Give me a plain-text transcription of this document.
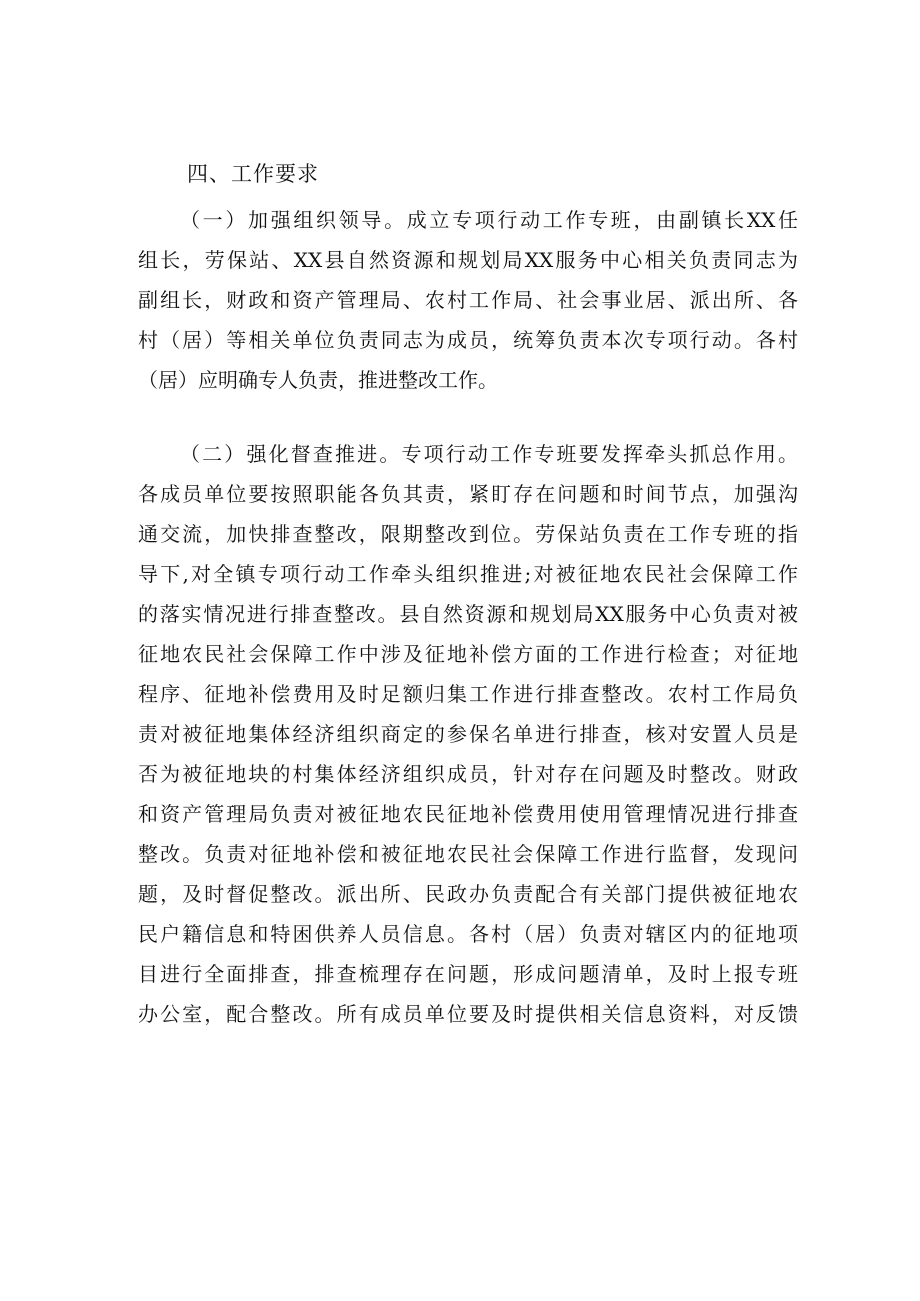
四、工作要求
（一）加强组织领导。成立专项行动工作专班，由副镇长XX任
组长，劳保站、XX县自然资源和规划局XX服务中心相关负责同志为
副组长，财政和资产管理局、农村工作局、社会事业居、派出所、各
村（居）等相关单位负责同志为成员，统筹负责本次专项行动。各村
（居）应明确专人负责，推进整改工作。
（二）强化督查推进。专项行动工作专班要发挥牵头抓总作用。
各成员单位要按照职能各负其责，紧盯存在问题和时间节点，加强沟
通交流，加快排查整改，限期整改到位。劳保站负责在工作专班的指
导下,对全镇专项行动工作牵头组织推进;对被征地农民社会保障工作
的落实情况进行排查整改。县自然资源和规划局XX服务中心负责对被
征地农民社会保障工作中涉及征地补偿方面的工作进行检查；对征地
程序、征地补偿费用及时足额归集工作进行排查整改。农村工作局负
责对被征地集体经济组织商定的参保名单进行排查，核对安置人员是
否为被征地块的村集体经济组织成员，针对存在问题及时整改。财政
和资产管理局负责对被征地农民征地补偿费用使用管理情况进行排查
整改。负责对征地补偿和被征地农民社会保障工作进行监督，发现问
题，及时督促整改。派出所、民政办负责配合有关部门提供被征地农
民户籍信息和特困供养人员信息。各村（居）负责对辖区内的征地项
目进行全面排查，排查梳理存在问题，形成问题清单，及时上报专班
办公室，配合整改。所有成员单位要及时提供相关信息资料，对反馈
